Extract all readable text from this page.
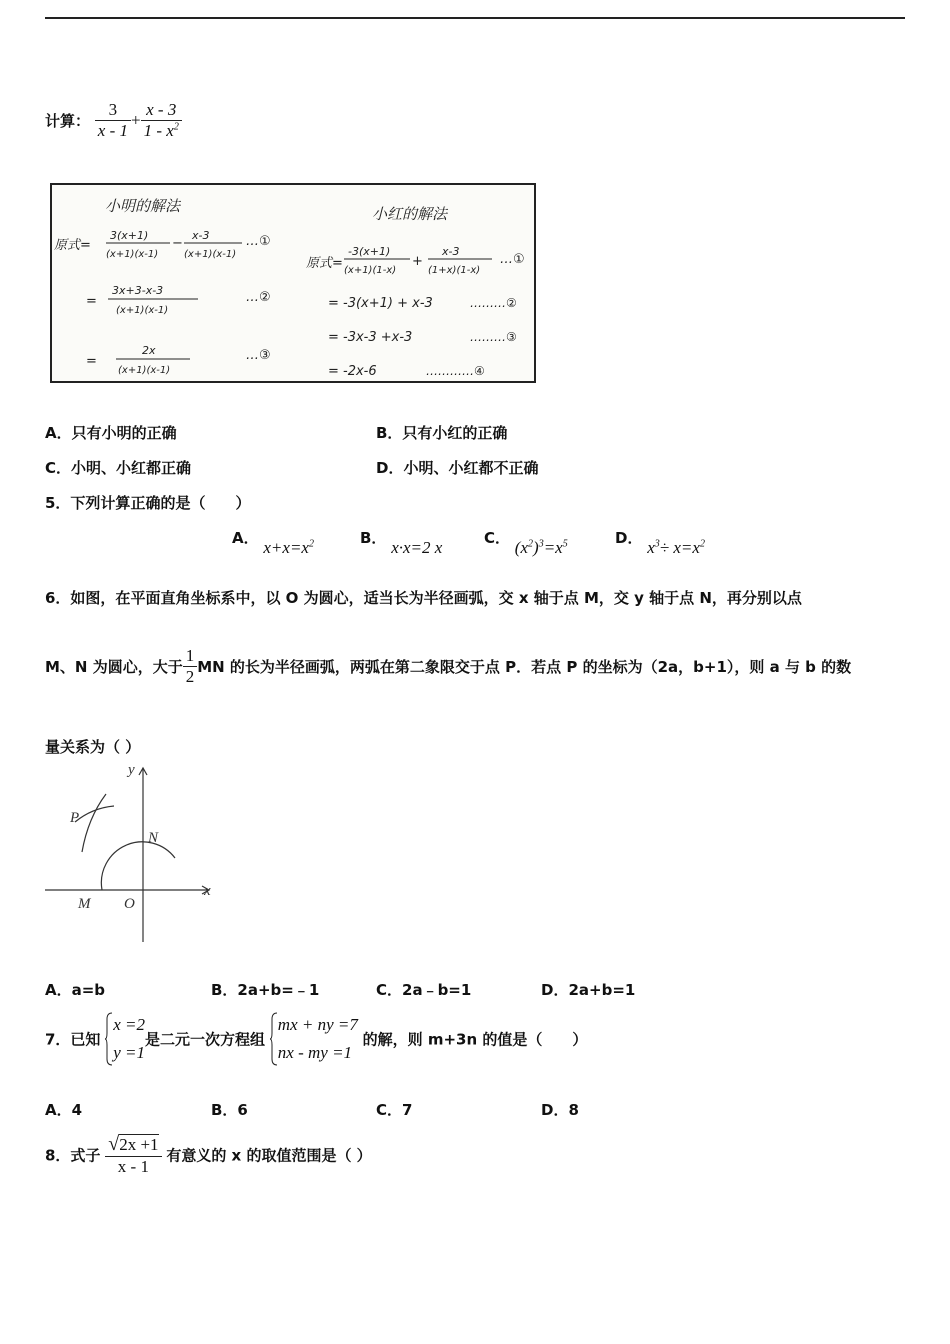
计算： $\frac{3}{x - 1} + \frac{x - 3}{1 - x^2}$
小明的解法
原式=
3(x+1)
(x+1)(x-1)
−
x-3
(x+1)(x-1)
…①
=
3x+3-x-3
(x+1)(x-1)
…②
=
2x
(x+1)(x-1)
…③
小红的解法
原式=
-3(x+1)
(x+1)(1-x)
+
x-3
(1+x)(1-x)
…①
= -3(x+1) + x-3	………②
= -3x-3 +x-3	………③
= -2x-6	…………④
A．只有小明的正确	B．只有小红的正确
C．小明、小红都正确	D．小明、小红都不正确
5．下列计算正确的是（　　）
A． $x+x=x^2$	B． x·x=2 x	C． $(x^2)^3=x^5$	D． $x^3\div x=x^2$
6．如图，在平面直角坐标系中，以 O 为圆心，适当长为半径画弧，交 x 轴于点 M，交 y 轴于点 N，再分别以点
M、N 为圆心，大于 $\frac{1}{2}$ MN 的长为半径画弧，两弧在第二象限交于点 P．若点 P 的坐标为（2a，b+1），则 a 与 b 的数
量关系为（ ）
y
x
P
N
M O
A．a=b	B．2a+b=﹣1	C．2a﹣b=1	D．2a+b=1
7．已知
x =2
y =1
是二元一次方程组
mx + ny =7
nx - my =1
的解，则 m+3n 的值是（　　）
A．4	B．6	C．7	D．8
8．式子 $\frac{√2x +1}{x - 1}$ 有意义的 x 的取值范围是（ ）
